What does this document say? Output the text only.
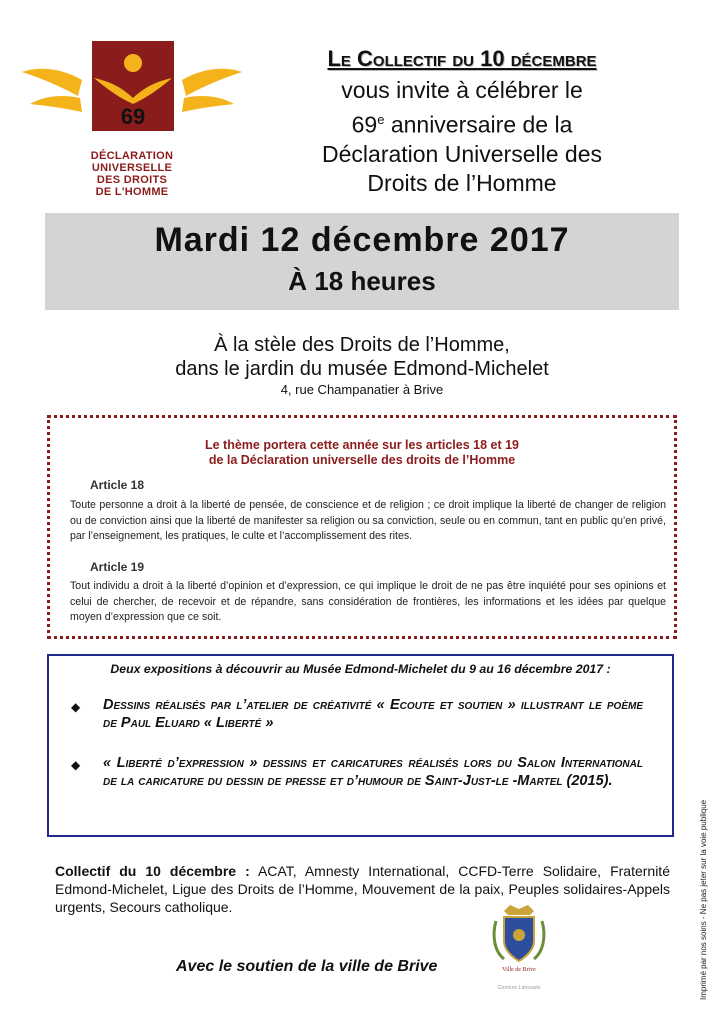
69
DÉCLARATION
UNIVERSELLE
DES DROITS
DE L'HOMME
Le Collectif du 10 décembre
vous invite à célébrer le
69e anniversaire de la
Déclaration Universelle des
Droits de l’Homme
Mardi 12 décembre 2017
À 18 heures
À la stèle des Droits de l’Homme,
dans le jardin du musée Edmond-Michelet
4, rue Champanatier à Brive
Le thème portera cette année sur les articles 18 et 19
de la Déclaration universelle des droits de l’Homme
Article 18
Toute personne a droit à la liberté de pensée, de conscience et de religion ; ce droit implique la liberté de changer de religion ou de conviction ainsi que la liberté de manifester sa religion ou sa conviction, seule ou en commun, tant en public qu’en privé, par l’enseignement, les pratiques, le culte et l’accomplissement des rites.
Article 19
Tout individu a droit à la liberté d’opinion et d’expression, ce qui implique le droit de ne pas être inquiété pour ses opinions et celui de chercher, de recevoir et de répandre, sans considération de frontières, les informations et les idées par quelque moyen d’expression que ce soit.
Deux expositions à découvrir au Musée Edmond-Michelet du 9 au 16 décembre 2017 :
◆ Dessins réalisés par l’atelier de créativité « Ecoute et soutien » illustrant le poème de Paul Eluard « Liberté »
◆ « Liberté d’expression » dessins et caricatures réalisés lors du Salon International de la caricature du dessin de presse et d’humour de Saint-Just-le -Martel (2015).
Collectif du 10 décembre : ACAT, Amnesty International, CCFD-Terre Solidaire, Fraternité Edmond-Michelet, Ligue des Droits de l’Homme, Mouvement de la paix, Peuples solidaires-Appels urgents, Secours catholique.
Avec le soutien de la ville de Brive	Ville de Brive
Corrèze Limousin	Imprimé par nos soins - Ne pas jeter sur la voie publique
